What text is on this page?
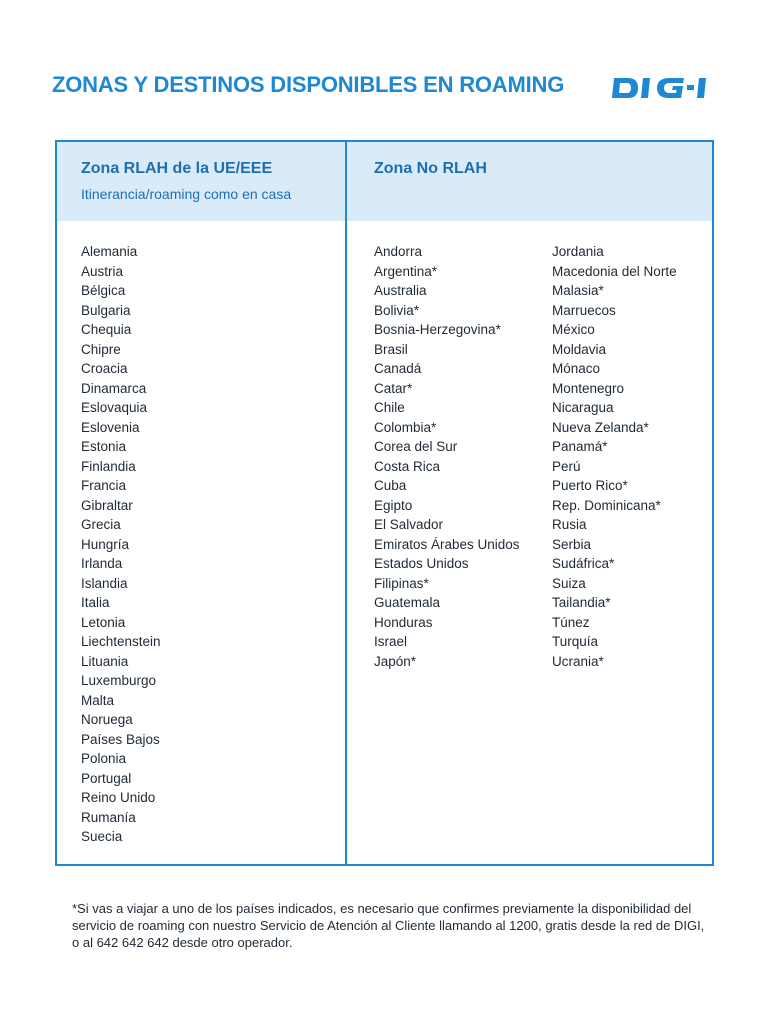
ZONAS Y DESTINOS DISPONIBLES EN ROAMING
Zona RLAH de la UE/EEE
Itinerancia/roaming como en casa
Zona No RLAH
Alemania
Austria
Bélgica
Bulgaria
Chequia
Chipre
Croacia
Dinamarca
Eslovaquia
Eslovenia
Estonia
Finlandia
Francia
Gibraltar
Grecia
Hungría
Irlanda
Islandia
Italia
Letonia
Liechtenstein
Lituania
Luxemburgo
Malta
Noruega
Países Bajos
Polonia
Portugal
Reino Unido
Rumanía
Suecia
Andorra
Argentina*
Australia
Bolivia*
Bosnia-Herzegovina*
Brasil
Canadá
Catar*
Chile
Colombia*
Corea del Sur
Costa Rica
Cuba
Egipto
El Salvador
Emiratos Árabes Unidos
Estados Unidos
Filipinas*
Guatemala
Honduras
Israel
Japón*
Jordania
Macedonia del Norte
Malasia*
Marruecos
México
Moldavia
Mónaco
Montenegro
Nicaragua
Nueva Zelanda*
Panamá*
Perú
Puerto Rico*
Rep. Dominicana*
Rusia
Serbia
Sudáfrica*
Suiza
Tailandia*
Túnez
Turquía
Ucrania*
*Si vas a viajar a uno de los países indicados, es necesario que confirmes previamente la disponibilidad del servicio de roaming con nuestro Servicio de Atención al Cliente llamando al 1200, gratis desde la red de DIGI, o al 642 642 642 desde otro operador.
